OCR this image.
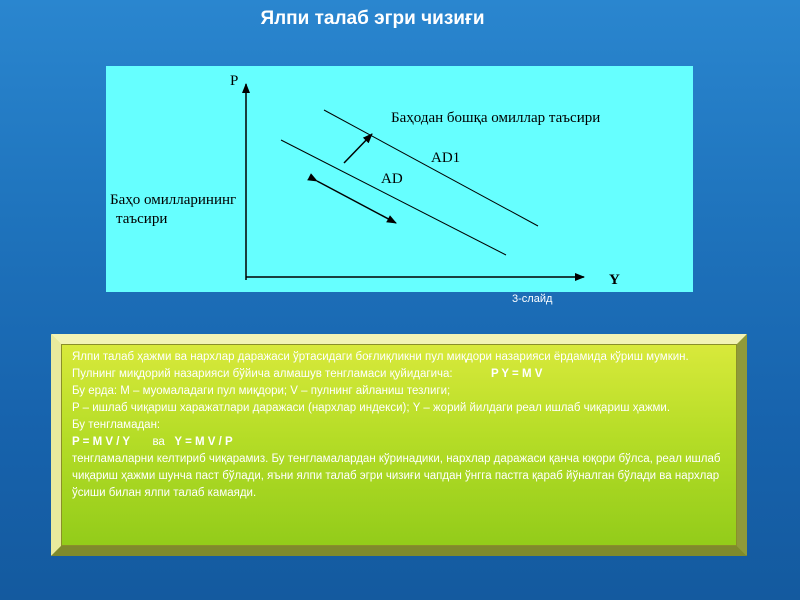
Ялпи талаб эгри чизиғи
P
Y
AD
AD1
Баҳодан бошқа омиллар таъсири
Баҳо омилларининг таъсири
3-слайд

Ялпи талаб ҳажми ва нархлар даражаси ўртасидаги боғлиқликни пул миқдори назарияси ёрдамида кўриш мумкин.

Пулнинг миқдорий назарияси бўйича алмашув тенгламаси қуйидагича:	P Y = M V

Бу ерда: M – муомаладаги пул миқдори; V – пулнинг айланиш тезлиги;

P – ишлаб чиқариш харажатлари даражаси (нархлар индекси); Y – жорий йилдаги реал ишлаб чиқариш ҳажми.

Бу тенгламадан:

P = M V / Y ва Y = M V / P

тенгламаларни келтириб чиқарамиз. Бу тенгламалардан кўринадики, нархлар даражаси қанча юқори бўлса, реал ишлаб чиқариш ҳажми шунча паст бўлади, яъни ялпи талаб эгри чизиғи чапдан ўнгга пастга қараб йўналган бўлади ва нархлар ўсиши билан ялпи талаб камаяди.
